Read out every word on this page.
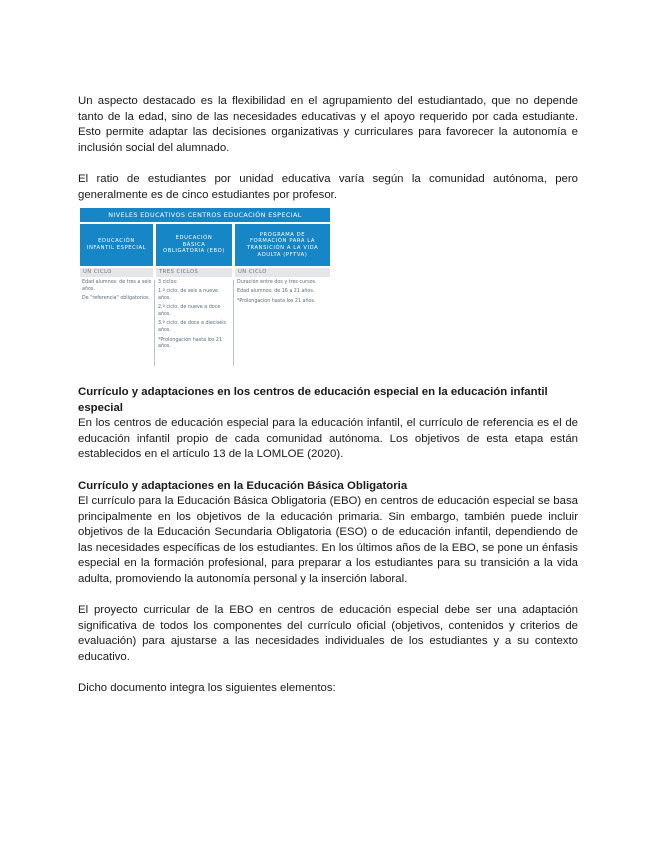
Un aspecto destacado es la flexibilidad en el agrupamiento del estudiantado, que no depende tanto de la edad, sino de las necesidades educativas y el apoyo requerido por cada estudiante. Esto permite adaptar las decisiones organizativas y curriculares para favorecer la autonomía e inclusión social del alumnado.

El ratio de estudiantes por unidad educativa varía según la comunidad autónoma, pero generalmente es de cinco estudiantes por profesor.

NIVELES EDUCATIVOS CENTROS EDUCACIÓN ESPECIAL
EDUCACIÓN
INFANTIL ESPECIAL
EDUCACIÓN
BÁSICA
OBLIGATORIA (EBO)
PROGRAMA DE
FORMACIÓN PARA LA
TRANSICIÓN A LA VIDA
ADULTA (PFTVA)
UN CICLO	TRES CICLOS	UN CICLO
Edad alumnos: de tres a seis años.
De "referencia" obligatorios.
3 ciclos:
1.º ciclo: de seis a nueve años.
2.º ciclo: de nueve a doce años.
3.º ciclo: de doce a dieciséis años.
*Prolongación hasta los 21 años.
Duración entre dos y tres cursos.
Edad alumnos: de 16 a 21 años.
*Prolongación hasta los 21 años.

Currículo y adaptaciones en los centros de educación especial en la educación infantil especial

En los centros de educación especial para la educación infantil, el currículo de referencia es el de educación infantil propio de cada comunidad autónoma. Los objetivos de esta etapa están establecidos en el artículo 13 de la LOMLOE (2020).

Currículo y adaptaciones en la Educación Básica Obligatoria

El currículo para la Educación Básica Obligatoria (EBO) en centros de educación especial se basa principalmente en los objetivos de la educación primaria. Sin embargo, también puede incluir objetivos de la Educación Secundaria Obligatoria (ESO) o de educación infantil, dependiendo de las necesidades específicas de los estudiantes. En los últimos años de la EBO, se pone un énfasis especial en la formación profesional, para preparar a los estudiantes para su transición a la vida adulta, promoviendo la autonomía personal y la inserción laboral.

El proyecto curricular de la EBO en centros de educación especial debe ser una adaptación significativa de todos los componentes del currículo oficial (objetivos, contenidos y criterios de evaluación) para ajustarse a las necesidades individuales de los estudiantes y a su contexto educativo.

Dicho documento integra los siguientes elementos:
